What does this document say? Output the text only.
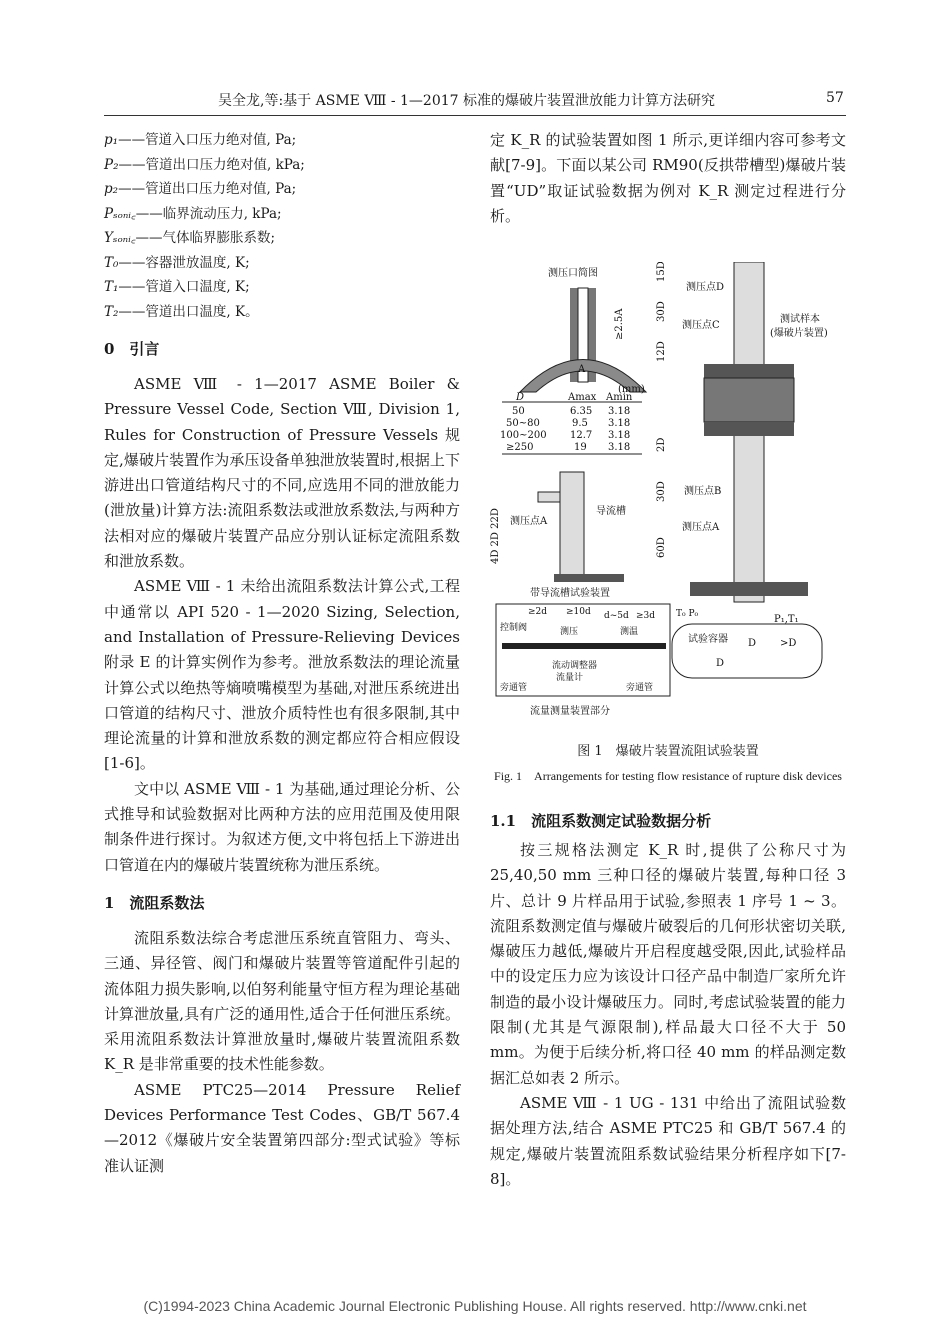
吴全龙,等:基于 ASME Ⅷ - 1—2017 标准的爆破片装置泄放能力计算方法研究	57

p₁——管道入口压力绝对值, Pa;

P₂——管道出口压力绝对值, kPa;

p₂——管道出口压力绝对值, Pa;

Pₛₒₙᵢ꜀——临界流动压力, kPa;

Yₛₒₙᵢ꜀——气体临界膨胀系数;

T₀——容器泄放温度, K;

T₁——管道入口温度, K;

T₂——管道出口温度, K。

0　引言

ASME Ⅷ - 1—2017 ASME Boiler & Pressure Vessel Code, Section Ⅷ, Division 1, Rules for Construction of Pressure Vessels 规定,爆破片装置作为承压设备单独泄放装置时,根据上下游进出口管道结构尺寸的不同,应选用不同的泄放能力(泄放量)计算方法:流阻系数法或泄放系数法,与两种方法相对应的爆破片装置产品应分别认证标定流阻系数和泄放系数。

ASME Ⅷ - 1 未给出流阻系数法计算公式,工程中通常以 API 520 - 1—2020 Sizing, Selection, and Installation of Pressure-Relieving Devices 附录 E 的计算实例作为参考。泄放系数法的理论流量计算公式以绝热等熵喷嘴模型为基础,对泄压系统进出口管道的结构尺寸、泄放介质特性也有很多限制,其中理论流量的计算和泄放系数的测定都应符合相应假设[1-6]。

文中以 ASME Ⅷ - 1 为基础,通过理论分析、公式推导和试验数据对比两种方法的应用范围及使用限制条件进行探讨。为叙述方便,文中将包括上下游进出口管道在内的爆破片装置统称为泄压系统。

1　流阻系数法

流阻系数法综合考虑泄压系统直管阻力、弯头、三通、异径管、阀门和爆破片装置等管道配件引起的流体阻力损失影响,以伯努利能量守恒方程为理论基础计算泄放量,具有广泛的通用性,适合于任何泄压系统。采用流阻系数法计算泄放量时,爆破片装置流阻系数 K_R 是非常重要的技术性能参数。

ASME PTC25—2014 Pressure Relief Devices Performance Test Codes、GB/T 567.4—2012《爆破片安全装置第四部分:型式试验》等标准认证测

定 K_R 的试验装置如图 1 所示,更详细内容可参考文献[7-9]。下面以某公司 RM90(反拱带槽型)爆破片装置“UD”取证试验数据为例对 K_R 测定过程进行分析。

测压口简图
≥2.5A
A
(mm)
D	Amax Amin
50	6.35 3.18
50~80	9.5 3.18
100~200 12.7 3.18
≥250	19 3.18
15D
30D
12D
2D
30D
60D
测压点D
测压点C
测压点B
测压点A
测试样本
(爆破片装置)
4D 2D 22D 测压点A
导流槽
带导流槽试验装置
控制阀
≥2d ≥10d d~5d ≥3d
测压	测温
流动调整器
流量计
旁通管	旁通管
流量测量装置部分
T₀ P₀
试验容器
P₁,T₁
>D
D
D
图 1　爆破片装置流阻试验装置
Fig. 1　Arrangements for testing flow resistance of rupture disk devices
1.1　流阻系数测定试验数据分析

按三规格法测定 K_R 时,提供了公称尺寸为 25,40,50 mm 三种口径的爆破片装置,每种口径 3 片、总计 9 片样品用于试验,参照表 1 序号 1 ~ 3。流阻系数测定值与爆破片破裂后的几何形状密切关联,爆破压力越低,爆破片开启程度越受限,因此,试验样品中的设定压力应为该设计口径产品中制造厂家所允许制造的最小设计爆破压力。同时,考虑试验装置的能力限制(尤其是气源限制),样品最大口径不大于 50 mm。为便于后续分析,将口径 40 mm 的样品测定数据汇总如表 2 所示。

ASME Ⅷ - 1 UG - 131 中给出了流阻试验数据处理方法,结合 ASME PTC25 和 GB/T 567.4 的规定,爆破片装置流阻系数试验结果分析程序如下[7-8]。

(C)1994-2023 China Academic Journal Electronic Publishing House. All rights reserved. http://www.cnki.net
